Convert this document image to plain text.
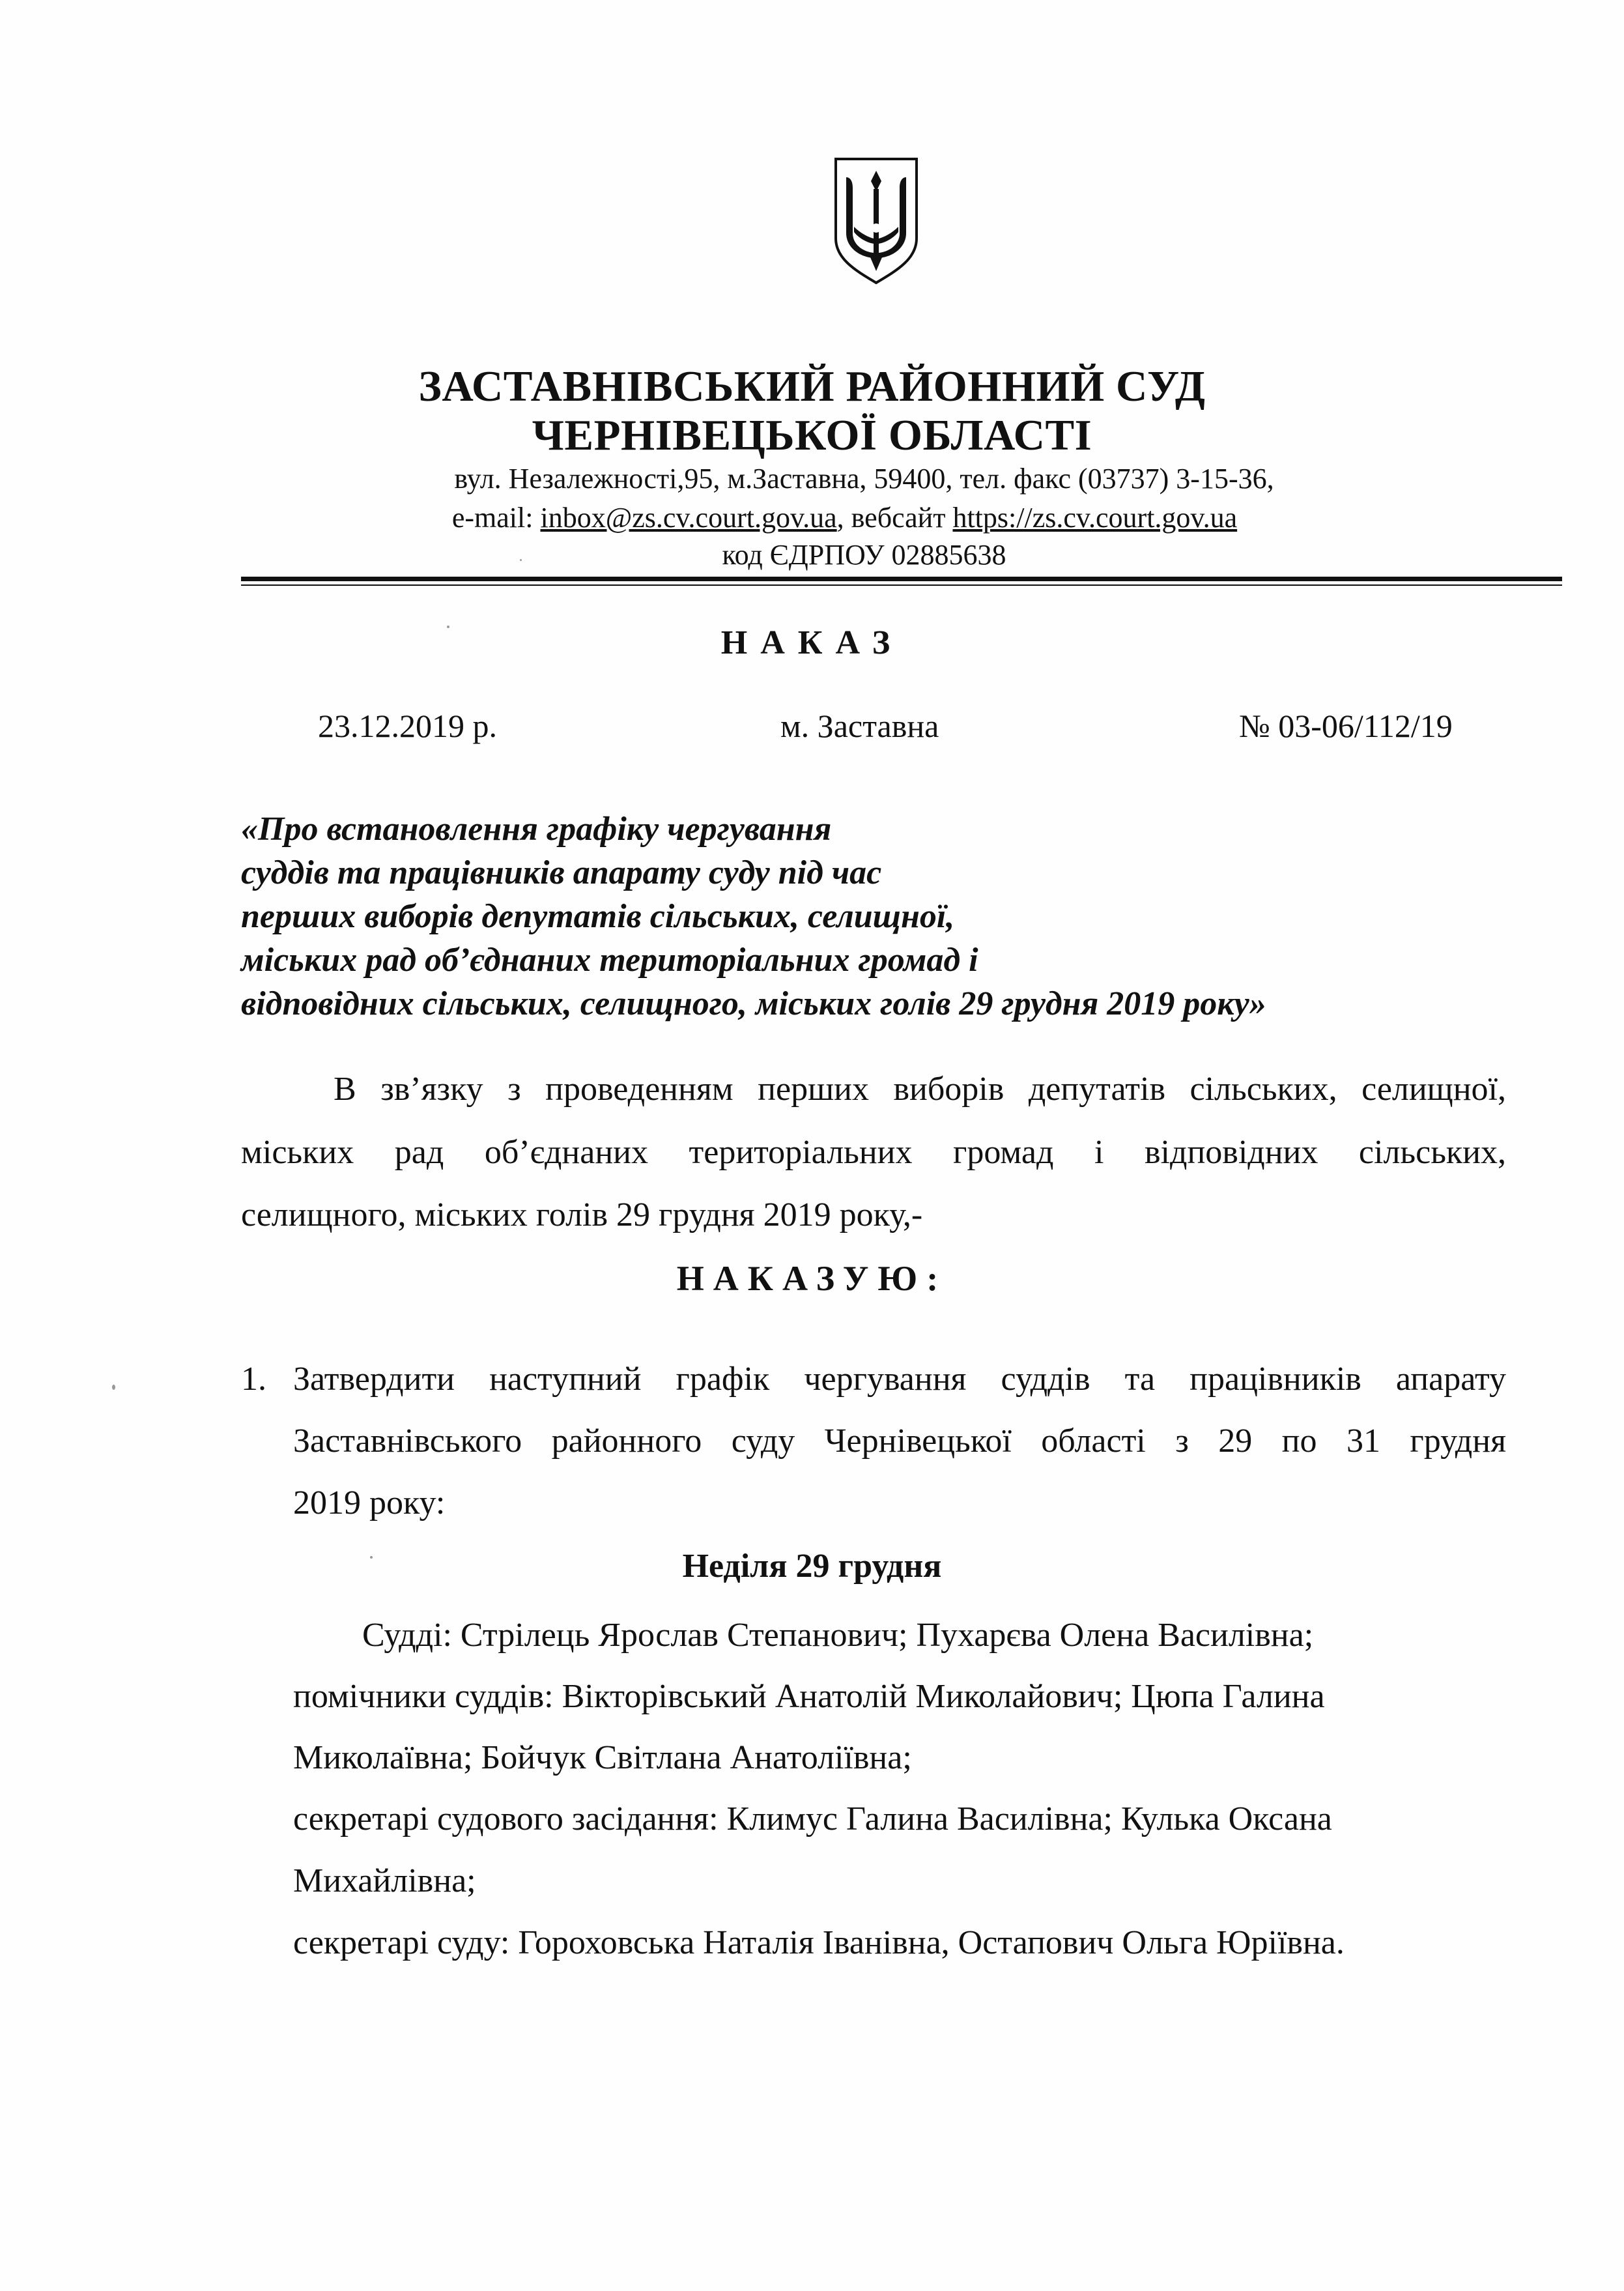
ЗАСТАВНІВСЬКИЙ РАЙОННИЙ СУД
ЧЕРНІВЕЦЬКОЇ ОБЛАСТІ
вул. Незалежності,95, м.Заставна, 59400, тел. факс (03737) 3-15-36,
e-mail: inbox@zs.cv.court.gov.ua, вебсайт https://zs.cv.court.gov.ua
код ЄДРПОУ 02885638
НАКАЗ
23.12.2019 р.	м. Заставна	№ 03-06/112/19
«Про встановлення графіку чергування
суддів та працівників апарату суду під час
перших виборів депутатів сільських, селищної,
міських рад об’єднаних територіальних громад і
відповідних сільських, селищного, міських голів 29 грудня 2019 року»
В зв’язку з проведенням перших виборів депутатів сільських, селищної,
міських рад об’єднаних територіальних громад і відповідних сільських,
селищного, міських голів 29 грудня 2019 року,-
НАКАЗУЮ:
1. Затвердити наступний графік чергування суддів та працівників апарату
Заставнівського районного суду Чернівецької області з 29 по 31 грудня
2019 року:
Неділя 29 грудня
Судді: Стрілець Ярослав Степанович; Пухарєва Олена Василівна;
помічники суддів: Вікторівський Анатолій Миколайович; Цюпа Галина
Миколаївна; Бойчук Світлана Анатоліївна;
секретарі судового засідання: Климус Галина Василівна; Кулька Оксана
Михайлівна;
секретарі суду: Гороховська Наталія Іванівна, Остапович Ольга Юріївна.
